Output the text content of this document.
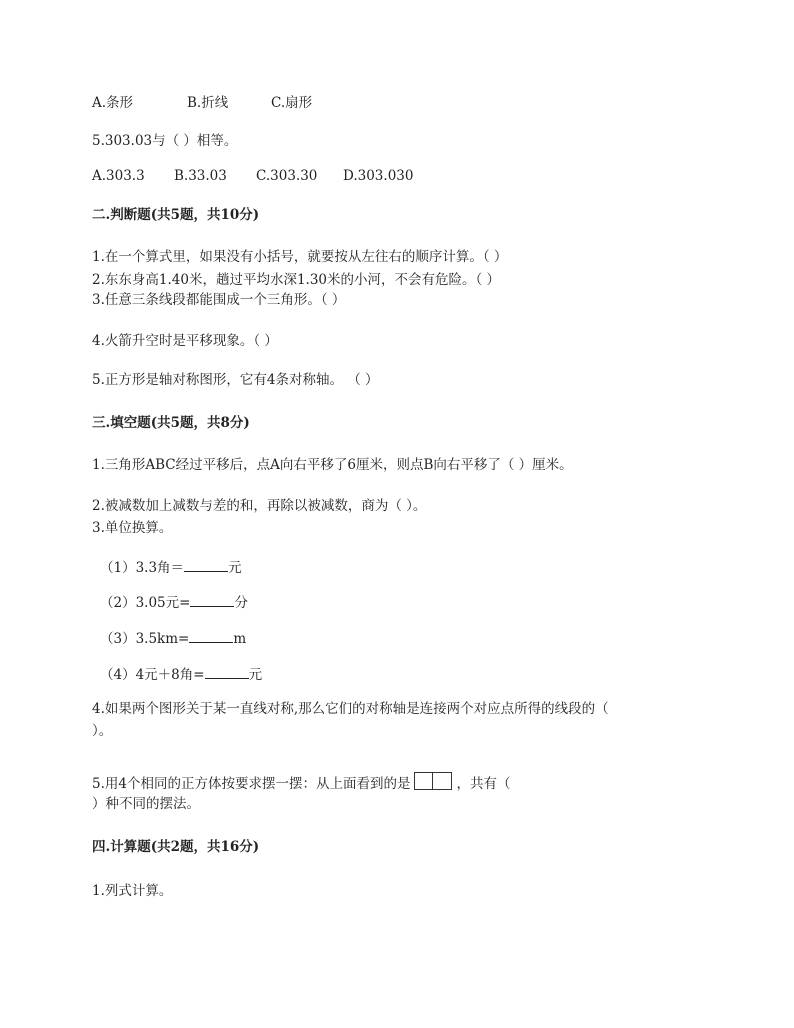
A.条形	B.折线	C.扇形
5.303.03与（ ）相等。
A.303.3 B.33.03 C.303.30 D.303.030
二.判断题(共5题，共10分)
1.在一个算式里，如果没有小括号，就要按从左往右的顺序计算。（ ）
2.东东身高1.40米，趟过平均水深1.30米的小河，不会有危险。（ ）
3.任意三条线段都能围成一个三角形。（ ）
4.火箭升空时是平移现象。（ ）
5.正方形是轴对称图形，它有4条对称轴。 （ ）
三.填空题(共5题，共8分)
1.三角形ABC经过平移后，点A向右平移了6厘米，则点B向右平移了（ ）厘米。
2.被减数加上减数与差的和，再除以被减数，商为（ ）。
3.单位换算。
（1）3.3角＝	元
（2）3.05元=	分
（3）3.5km=	m
（4）4元＋8角=	元
4.如果两个图形关于某一直线对称,那么它们的对称轴是连接两个对应点所得的线段的（
）。
5.用4个相同的正方体按要求摆一摆：从上面看到的是	，共有（
）种不同的摆法。
四.计算题(共2题，共16分)
1.列式计算。
